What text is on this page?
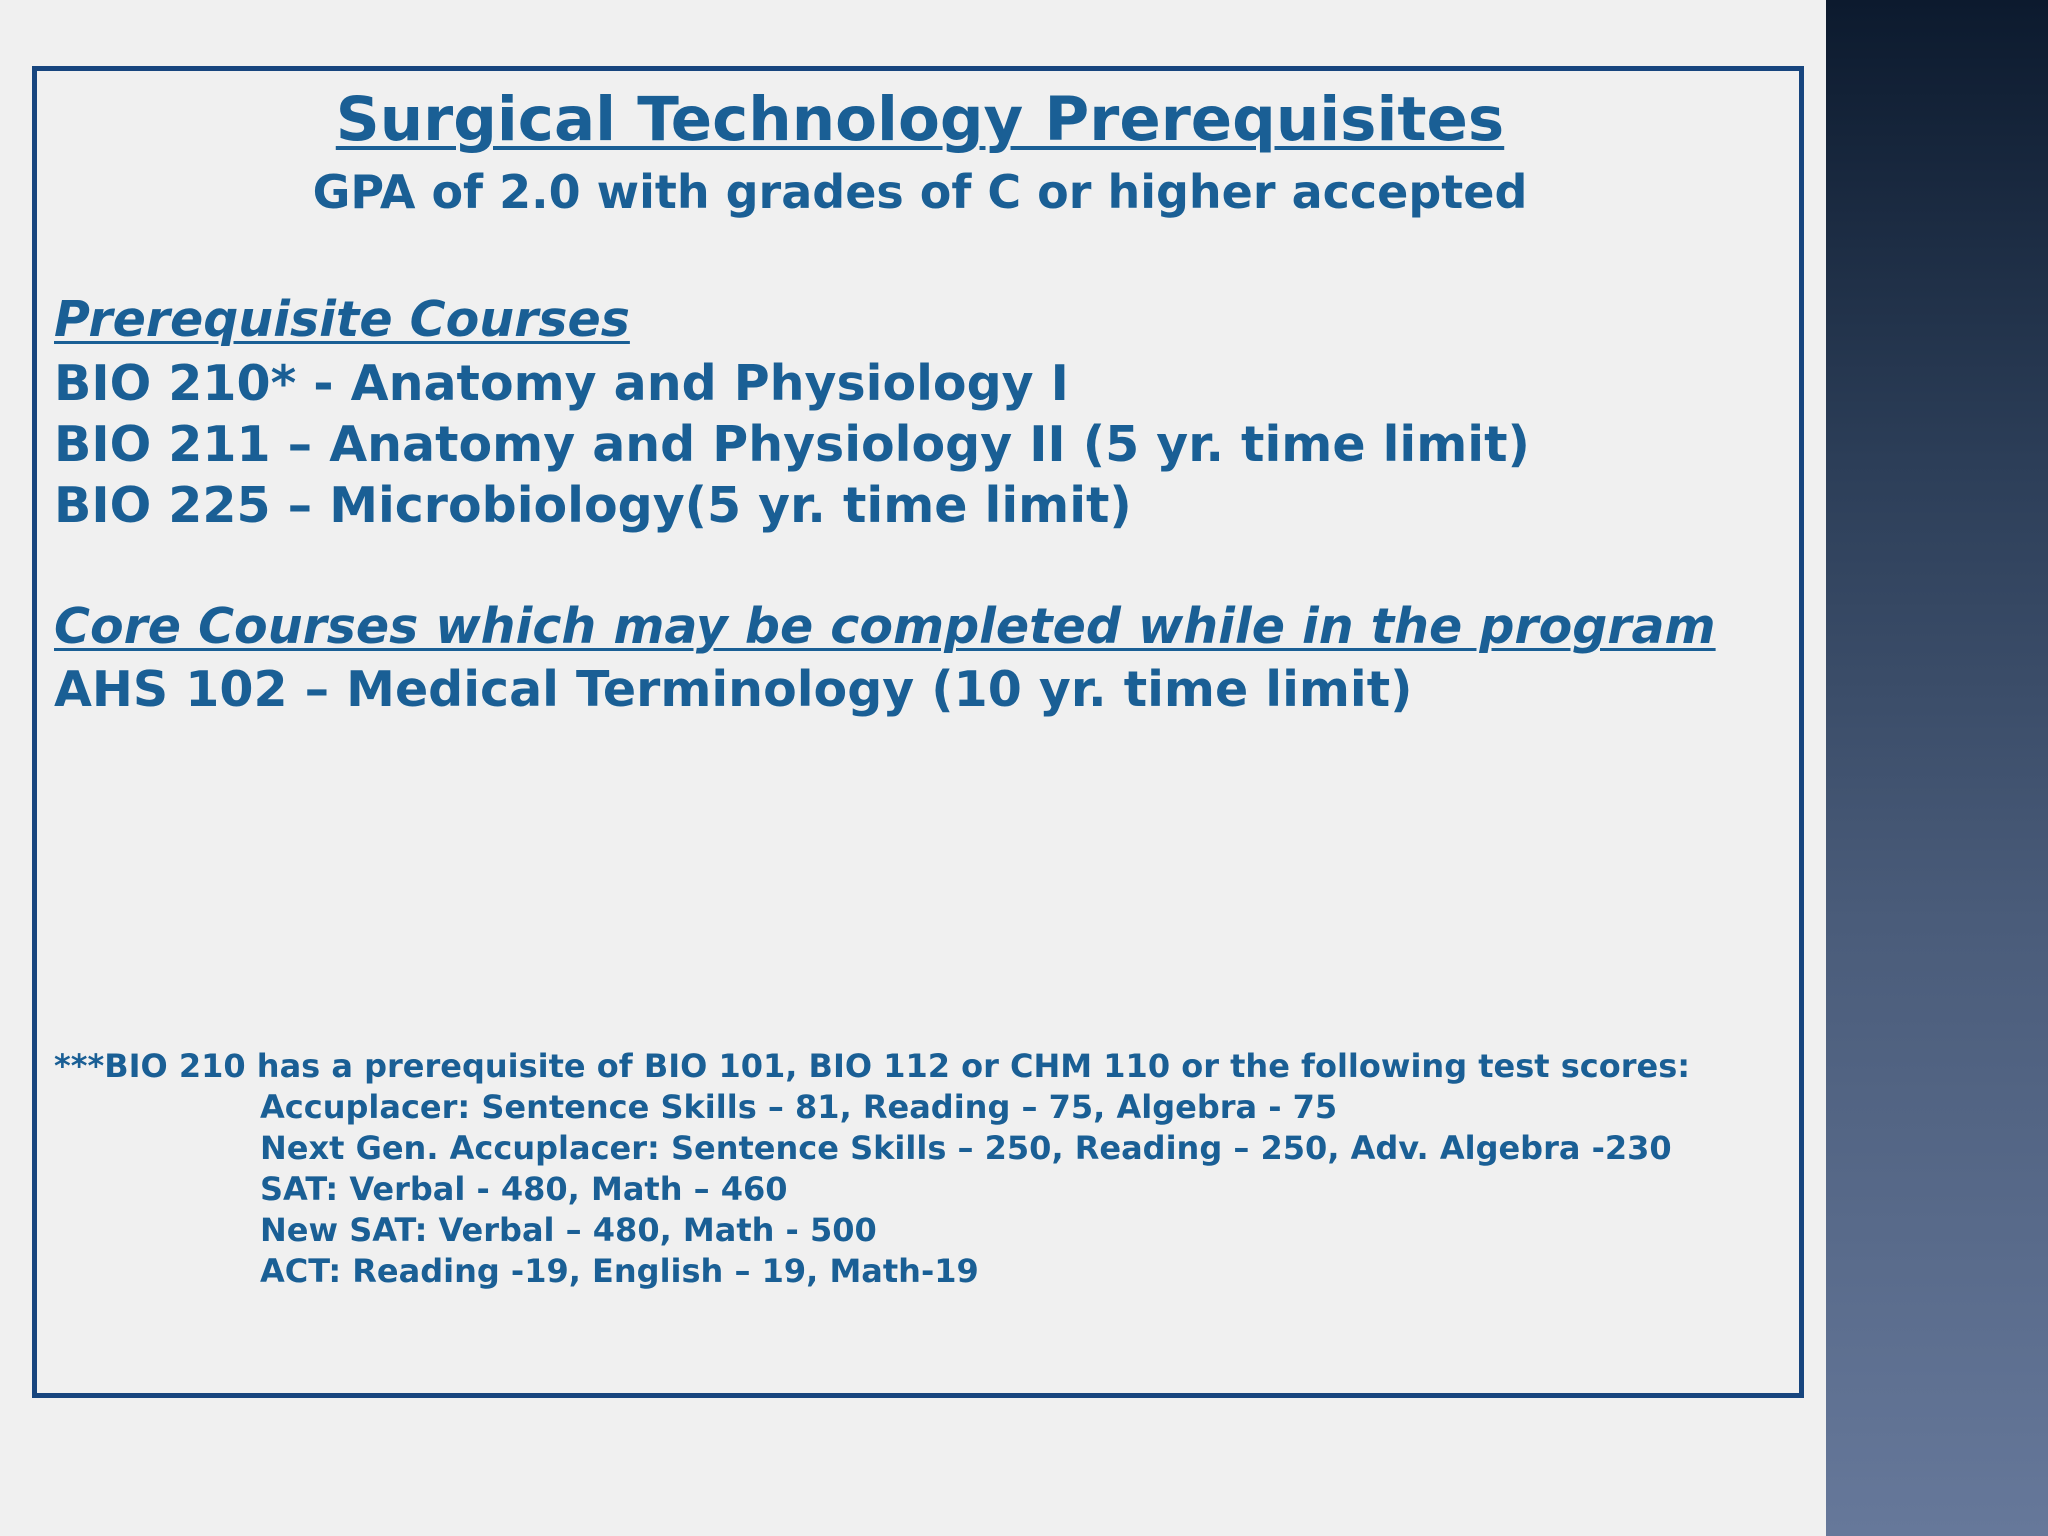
Surgical Technology Prerequisites
GPA of 2.0 with grades of C or higher accepted
Prerequisite Courses
BIO 210* - Anatomy and Physiology I
BIO 211 – Anatomy and Physiology II (5 yr. time limit)
BIO 225 – Microbiology(5 yr. time limit)
Core Courses which may be completed while in the program
AHS 102 – Medical Terminology (10 yr. time limit)
***BIO 210 has a prerequisite of BIO 101, BIO 112 or CHM 110 or the following test scores:
Accuplacer: Sentence Skills – 81, Reading – 75, Algebra - 75
Next Gen. Accuplacer: Sentence Skills – 250, Reading – 250, Adv. Algebra -230
SAT: Verbal - 480, Math – 460
New SAT: Verbal – 480, Math - 500
ACT: Reading -19, English – 19, Math-19
